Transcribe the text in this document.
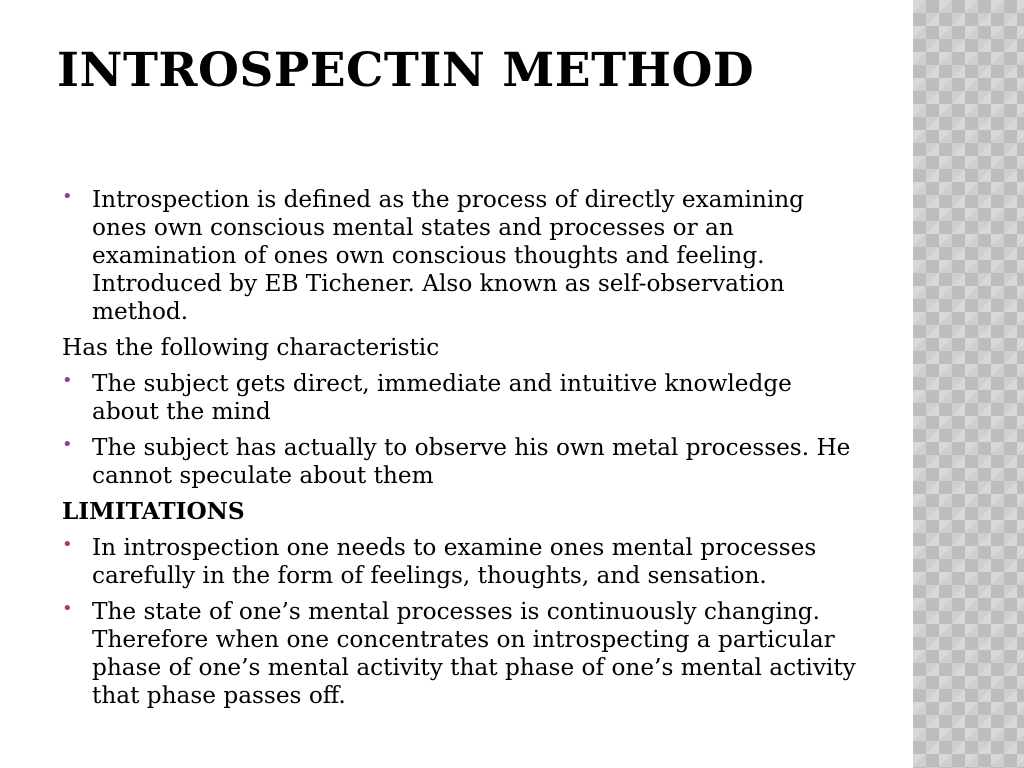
INTROSPECTIN METHOD
• Introspection is defined as the process of directly examining ones own conscious mental states and processes or an examination of ones own conscious thoughts and feeling. Introduced by EB Tichener. Also known as self-observation method.
Has the following characteristic
• The subject gets direct, immediate and intuitive knowledge about the mind
• The subject has actually to observe his own metal processes. He cannot speculate about them
LIMITATIONS
• In introspection one needs to examine ones mental processes carefully in the form of feelings, thoughts, and sensation.
• The state of one’s mental processes is continuously changing. Therefore when one concentrates on introspecting a particular phase of one’s mental activity that phase of one’s mental activity that phase passes off.
